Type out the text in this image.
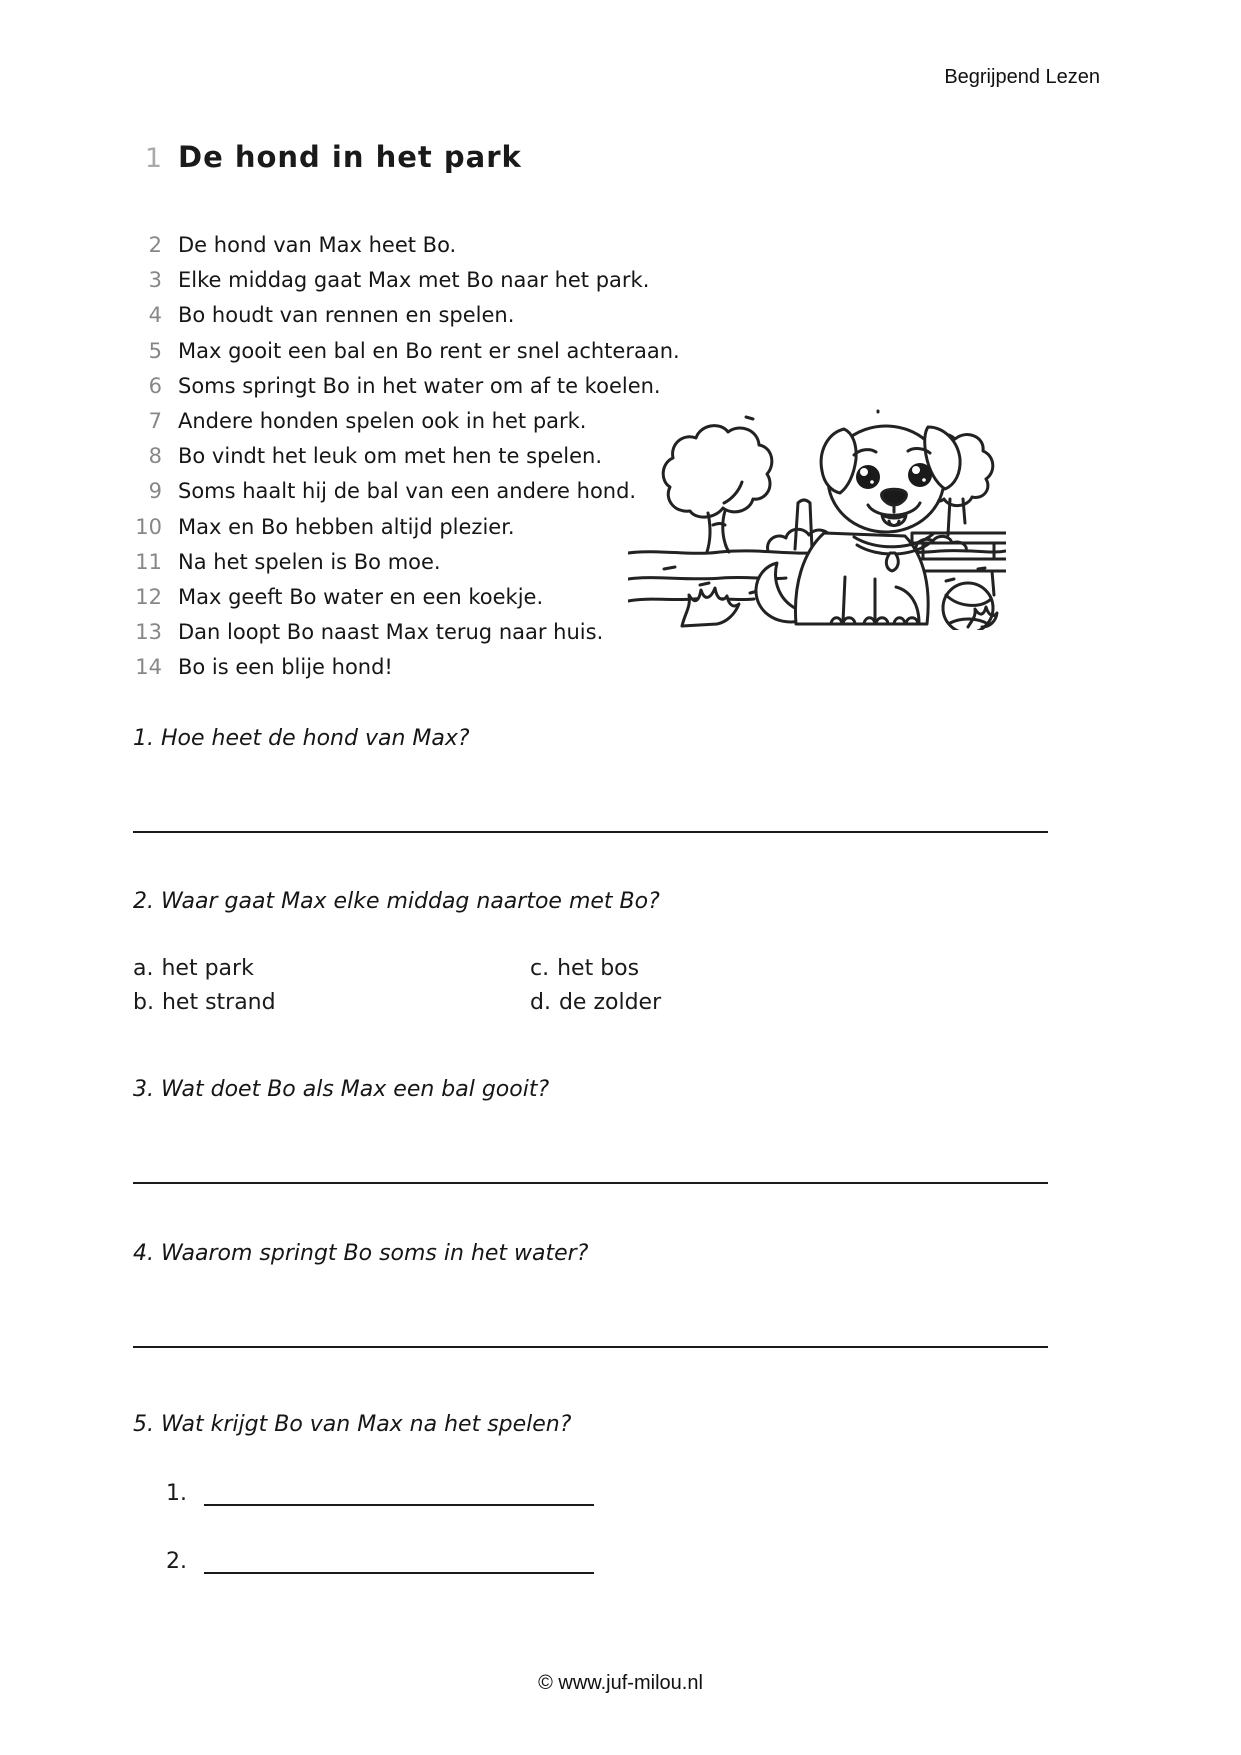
Begrijpend Lezen
1 De hond in het park
2 De hond van Max heet Bo.
3 Elke middag gaat Max met Bo naar het park.
4 Bo houdt van rennen en spelen.
5 Max gooit een bal en Bo rent er snel achteraan.
6 Soms springt Bo in het water om af te koelen.
7 Andere honden spelen ook in het park.
8 Bo vindt het leuk om met hen te spelen.
9 Soms haalt hij de bal van een andere hond.
10 Max en Bo hebben altijd plezier.
11 Na het spelen is Bo moe.
12 Max geeft Bo water en een koekje.
13 Dan loopt Bo naast Max terug naar huis.
14 Bo is een blije hond!
1. Hoe heet de hond van Max?
2. Waar gaat Max elke middag naartoe met Bo?
a. het park	c. het bos
b. het strand	d. de zolder
3. Wat doet Bo als Max een bal gooit?
4. Waarom springt Bo soms in het water?
5. Wat krijgt Bo van Max na het spelen?
1.
2.
© www.juf-milou.nl
